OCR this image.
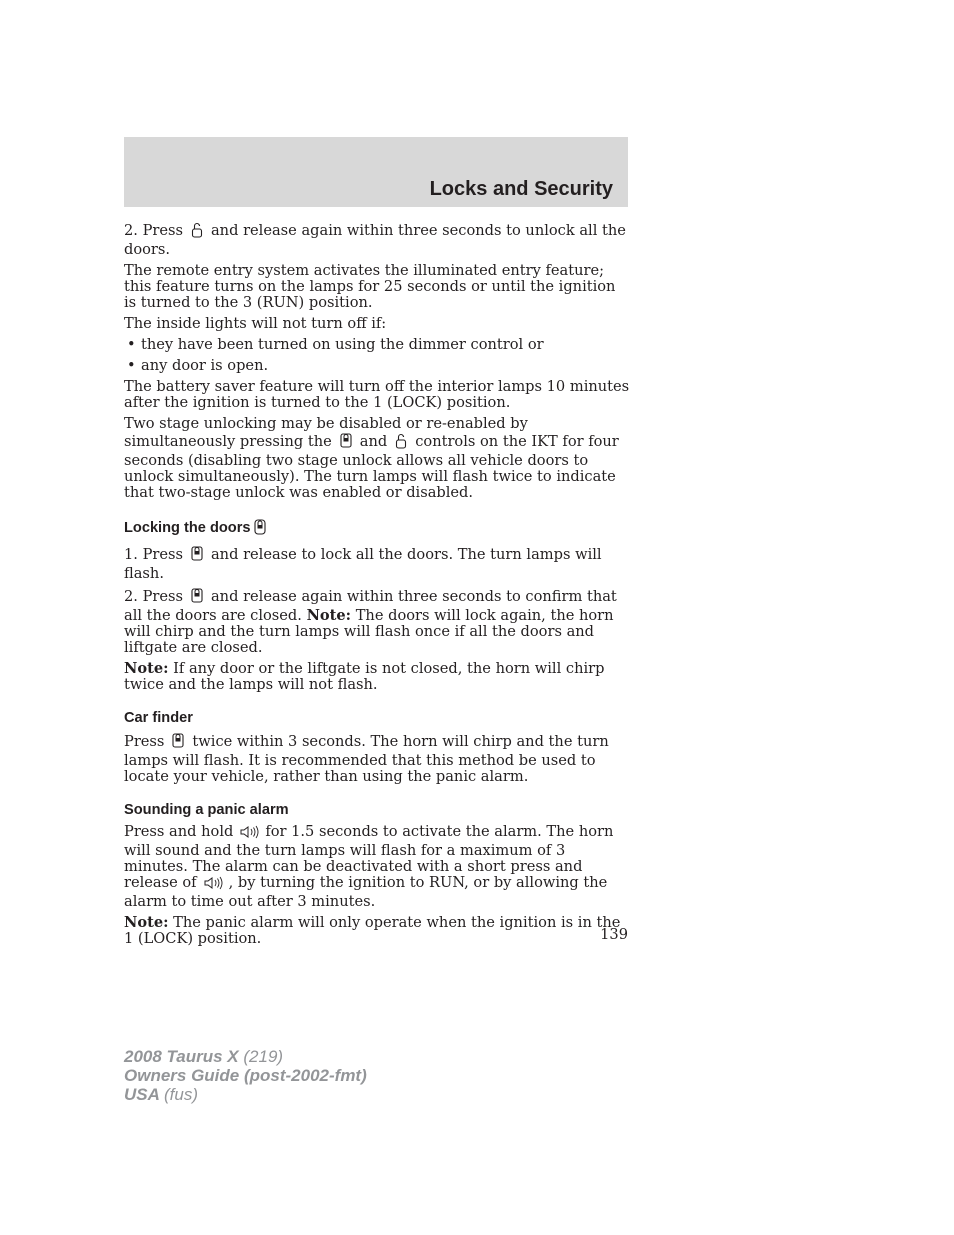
Locks and Security

2. Press and release again within three seconds to unlock all the doors.

The remote entry system activates the illuminated entry feature; this feature turns on the lamps for 25 seconds or until the ignition is turned to the 3 (RUN) position.

The inside lights will not turn off if:

• they have been turned on using the dimmer control or
• any door is open.

The battery saver feature will turn off the interior lamps 10 minutes after the ignition is turned to the 1 (LOCK) position.

Two stage unlocking may be disabled or re-enabled by simultaneously pressing the and controls on the IKT for four seconds (disabling two stage unlock allows all vehicle doors to unlock simultaneously). The turn lamps will flash twice to indicate that two-stage unlock was enabled or disabled.

Locking the doors

1. Press and release to lock all the doors. The turn lamps will flash.

2. Press and release again within three seconds to confirm that all the doors are closed. Note: The doors will lock again, the horn will chirp and the turn lamps will flash once if all the doors and liftgate are closed.

Note: If any door or the liftgate is not closed, the horn will chirp twice and the lamps will not flash.

Car finder

Press twice within 3 seconds. The horn will chirp and the turn lamps will flash. It is recommended that this method be used to locate your vehicle, rather than using the panic alarm.

Sounding a panic alarm

Press and hold for 1.5 seconds to activate the alarm. The horn will sound and the turn lamps will flash for a maximum of 3 minutes. The alarm can be deactivated with a short press and release of , by turning the ignition to RUN, or by allowing the alarm to time out after 3 minutes.

Note: The panic alarm will only operate when the ignition is in the 1 (LOCK) position.	139
2008 Taurus X (219)
Owners Guide (post-2002-fmt)
USA (fus)
